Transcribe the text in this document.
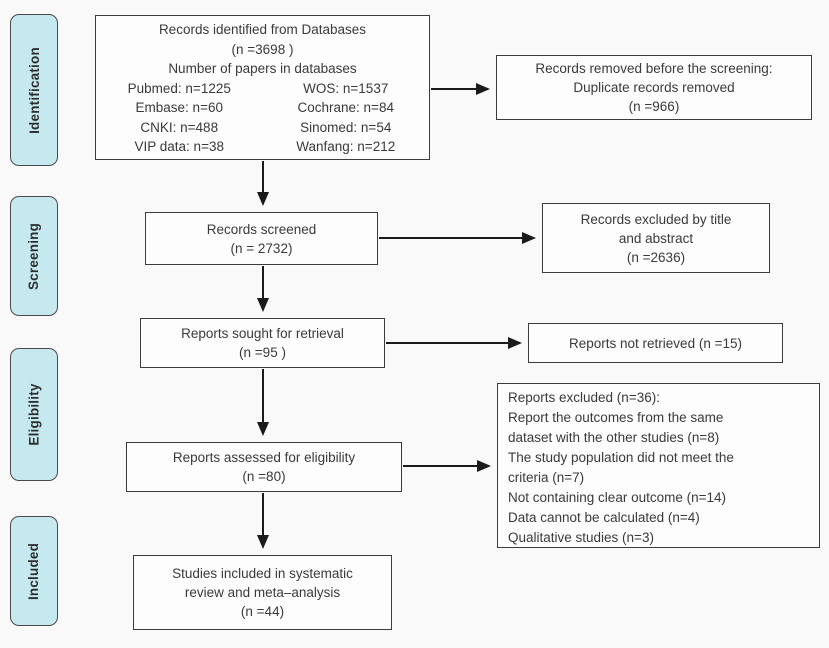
Identification
Screening
Eligibility
Included
Records identified from Databases
(n =3698 )
Number of papers in databases
Pubmed: n=1225	WOS: n=1537
Embase: n=60	Cochrane: n=84
CNKI: n=488	Sinomed: n=54
VIP data: n=38	Wanfang: n=212
Records screened
(n = 2732)
Reports sought for retrieval
(n =95 )
Reports assessed for eligibility
(n =80)
Studies included in systematic
review and meta–analysis
(n =44)
Records removed before the screening:
Duplicate records removed
(n =966)
Records excluded by title
and abstract
(n =2636)
Reports not retrieved (n =15)
Reports excluded (n=36):
Report the outcomes from the same
dataset with the other studies (n=8)
The study population did not meet the
criteria (n=7)
Not containing clear outcome (n=14)
Data cannot be calculated (n=4)
Qualitative studies (n=3)
